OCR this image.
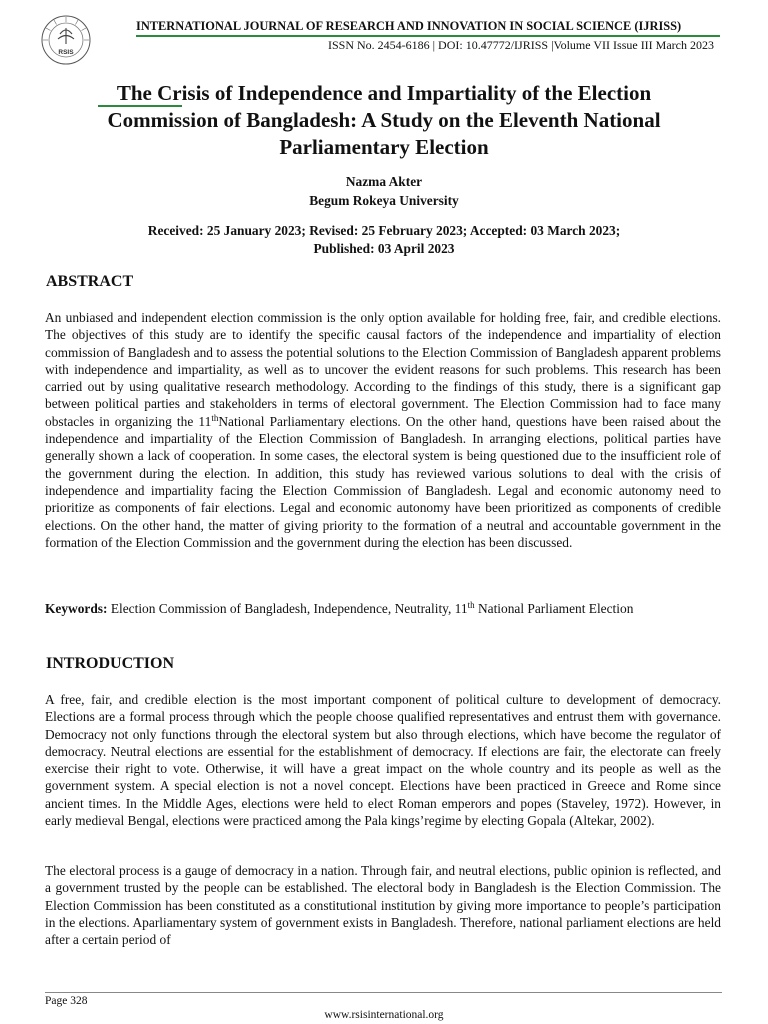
RSIS
INTERNATIONAL JOURNAL OF RESEARCH AND INNOVATION IN SOCIAL SCIENCE (IJRISS)
ISSN No. 2454-6186 | DOI: 10.47772/IJRISS |Volume VII Issue III March 2023
The Crisis of Independence and Impartiality of the Election
Commission of Bangladesh: A Study on the Eleventh National
Parliamentary Election
Nazma Akter
Begum Rokeya University
Received: 25 January 2023; Revised: 25 February 2023; Accepted: 03 March 2023;
Published: 03 April 2023
ABSTRACT
An unbiased and independent election commission is the only option available for holding free, fair, and credible elections. The objectives of this study are to identify the specific causal factors of the independence and impartiality of election commission of Bangladesh and to assess the potential solutions to the Election Commission of Bangladesh apparent problems with independence and impartiality, as well as to uncover the evident reasons for such problems. This research has been carried out by using qualitative research methodology. According to the findings of this study, there is a significant gap between political parties and stakeholders in terms of electoral government. The Election Commission had to face many obstacles in organizing the 11thNational Parliamentary elections. On the other hand, questions have been raised about the independence and impartiality of the Election Commission of Bangladesh. In arranging elections, political parties have generally shown a lack of cooperation. In some cases, the electoral system is being questioned due to the insufficient role of the government during the election. In addition, this study has reviewed various solutions to deal with the crisis of independence and impartiality facing the Election Commission of Bangladesh. Legal and economic autonomy need to prioritize as components of fair elections. Legal and economic autonomy have been prioritized as components of credible elections. On the other hand, the matter of giving priority to the formation of a neutral and accountable government in the formation of the Election Commission and the government during the election has been discussed.
Keywords: Election Commission of Bangladesh, Independence, Neutrality, 11th National Parliament Election
INTRODUCTION
A free, fair, and credible election is the most important component of political culture to development of democracy. Elections are a formal process through which the people choose qualified representatives and entrust them with governance. Democracy not only functions through the electoral system but also through elections, which have become the regulator of democracy. Neutral elections are essential for the establishment of democracy. If elections are fair, the electorate can freely exercise their right to vote. Otherwise, it will have a great impact on the whole country and its people as well as the government system. A special election is not a novel concept. Elections have been practiced in Greece and Rome since ancient times. In the Middle Ages, elections were held to elect Roman emperors and popes (Staveley, 1972). However, in early medieval Bengal, elections were practiced among the Pala kings’regime by electing Gopala (Altekar, 2002).
The electoral process is a gauge of democracy in a nation. Through fair, and neutral elections, public opinion is reflected, and a government trusted by the people can be established. The electoral body in Bangladesh is the Election Commission. The Election Commission has been constituted as a constitutional institution by giving more importance to people’s participation in the elections. Aparliamentary system of government exists in Bangladesh. Therefore, national parliament elections are held after a certain period of
Page 328
www.rsisinternational.org
